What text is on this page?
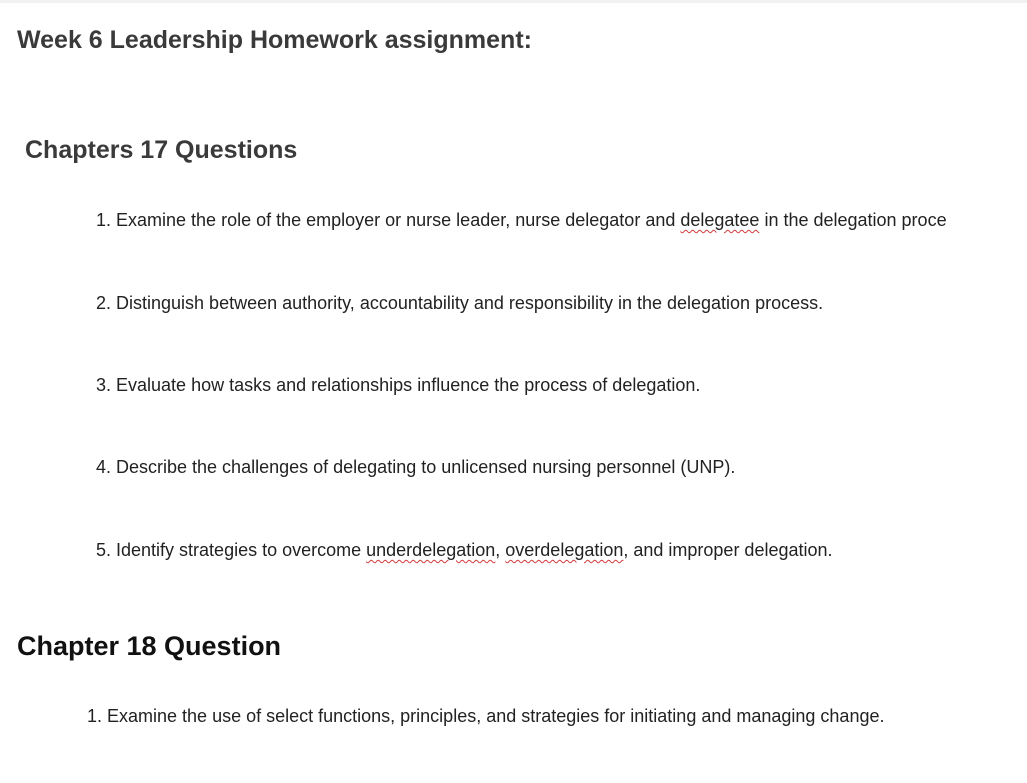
Week 6 Leadership Homework assignment:
Chapters 17 Questions

1. Examine the role of the employer or nurse leader, nurse delegator and delegatee in the delegation proce

2. Distinguish between authority, accountability and responsibility in the delegation process.

3. Evaluate how tasks and relationships influence the process of delegation.

4. Describe the challenges of delegating to unlicensed nursing personnel (UNP).

5. Identify strategies to overcome underdelegation, overdelegation, and improper delegation.

Chapter 18 Question

1. Examine the use of select functions, principles, and strategies for initiating and managing change.
